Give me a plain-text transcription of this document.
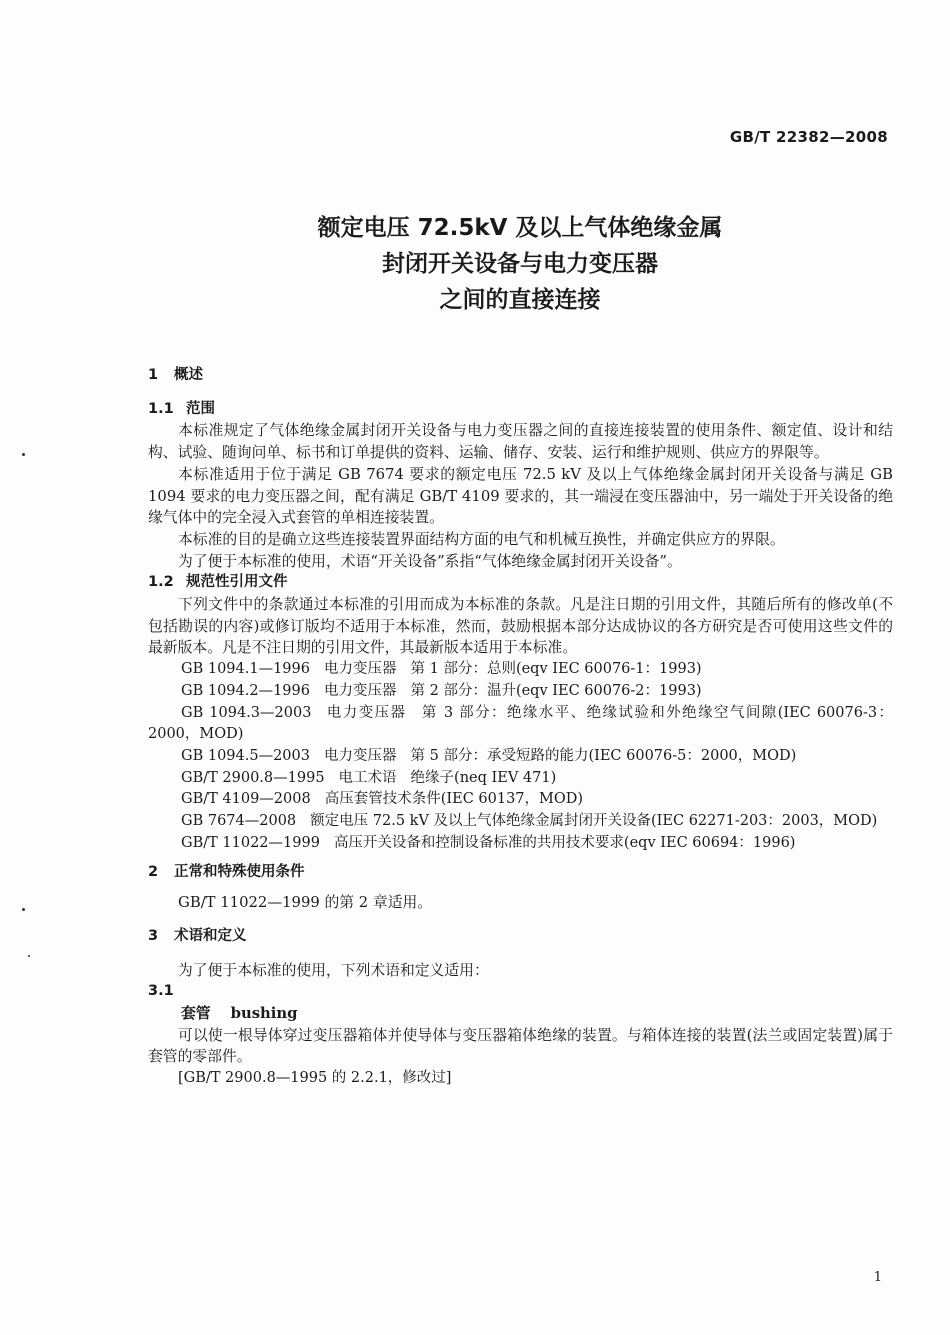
GB/T 22382—2008
额定电压 72.5kV 及以上气体绝缘金属
封闭开关设备与电力变压器
之间的直接连接
1 概述
1.1 范围
本标准规定了气体绝缘金属封闭开关设备与电力变压器之间的直接连接装置的使用条件、额定值、设计和结构、试验、随询问单、标书和订单提供的资料、运输、储存、安装、运行和维护规则、供应方的界限等。
本标准适用于位于满足 GB 7674 要求的额定电压 72.5 kV 及以上气体绝缘金属封闭开关设备与满足 GB 1094 要求的电力变压器之间，配有满足 GB/T 4109 要求的，其一端浸在变压器油中，另一端处于开关设备的绝缘气体中的完全浸入式套管的单相连接装置。
本标准的目的是确立这些连接装置界面结构方面的电气和机械互换性，并确定供应方的界限。
为了便于本标准的使用，术语“开关设备”系指“气体绝缘金属封闭开关设备”。
1.2 规范性引用文件
下列文件中的条款通过本标准的引用而成为本标准的条款。凡是注日期的引用文件，其随后所有的修改单(不包括勘误的内容)或修订版均不适用于本标准，然而，鼓励根据本部分达成协议的各方研究是否可使用这些文件的最新版本。凡是不注日期的引用文件，其最新版本适用于本标准。
GB 1094.1—1996 电力变压器 第 1 部分：总则(eqv IEC 60076-1：1993)
GB 1094.2—1996 电力变压器 第 2 部分：温升(eqv IEC 60076-2：1993)
GB 1094.3—2003 电力变压器 第 3 部分：绝缘水平、绝缘试验和外绝缘空气间隙(IEC 60076-3：2000，MOD)
GB 1094.5—2003 电力变压器 第 5 部分：承受短路的能力(IEC 60076-5：2000，MOD)
GB/T 2900.8—1995 电工术语 绝缘子(neq IEV 471)
GB/T 4109—2008 高压套管技术条件(IEC 60137，MOD)
GB 7674—2008 额定电压 72.5 kV 及以上气体绝缘金属封闭开关设备(IEC 62271-203：2003，MOD)
GB/T 11022—1999 高压开关设备和控制设备标准的共用技术要求(eqv IEC 60694：1996)
2 正常和特殊使用条件
GB/T 11022—1999 的第 2 章适用。
3 术语和定义
为了便于本标准的使用，下列术语和定义适用：
3.1
套管 bushing
可以使一根导体穿过变压器箱体并使导体与变压器箱体绝缘的装置。与箱体连接的装置(法兰或固定装置)属于套管的零部件。
[GB/T 2900.8—1995 的 2.2.1，修改过]
1
